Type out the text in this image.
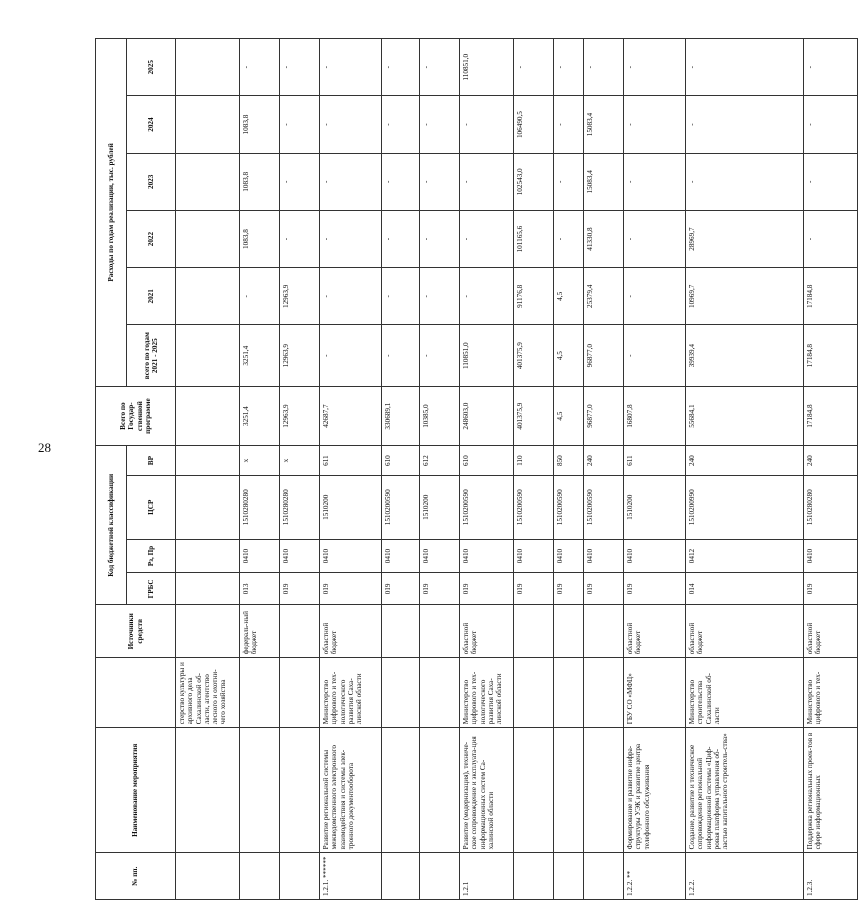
28
№ пп.	Наименование мероприятия		Источники средств	Код бюджетной классификации				Всего по Государ-ственной программе	Расходы по годам реализации, тыс. рублей					
				ГРБС	Рз, Пр	ЦСР	ВР		всего по годам 2021 - 2025	2021	2022	2023	2024	2025
		стерство культуры и архивного дела Сахалинской об-ласти, агентство лесного и охотни-чего хозяйства												
			федераль-ный бюджет	013	0410	1510280280	х	3251,4	3251,4	-	1083,8	1083,8	1083,8	-
				019	0410	1510280280	х	12963,9	12963,9	12963,9	-	-	-	-
1.2.1. ******	Развитие региональной системы межведомственного электронного взаимодействия и системы элек-тронного документооборота	Министерство цифрового и тех-нологического развития Саха-линской области	областной бюджет	019	0410	1510200	611	42687,7	-	-	-	-	-	-
				019	0410	1510200590	610	330689,1	-	-	-	-	-	-
				019	0410	1510200	612	10385,0	-	-	-	-	-	-
1.2.1	Развитие (модернизация), техниче-ское сопровождение и эксплуата-ция информационных систем Са-халинской области	Министерство цифрового и тех-нологического развития Саха-линской области	областной бюджет	019	0410	1510200590	610	248603,0	110851,0	-	-	-	-	110851,0
				019	0410	1510200590	110	401375,9	401375,9	91176,8	101165,6	102543,0	106490,5	-
				019	0410	1510200590	850	4,5	4,5	4,5	-	-	-	-
				019	0410	1510200590	240	96877,0	96877,0	25379,4	41330,8	15083,4	15083,4	-
1.2.2. **	Формирование и развитие инфра-структуры УЭК и развитие центра телефонного обслуживания	ГБУ СО «МФЦ»	областной бюджет	019	0410	1510200	611	16807,8	-	-	-	-	-	-
1.2.2.	Создание, развитие и техническое сопровождение региональной информационной системы «Циф-ровая платформа управления об-ластью капитального строитель-ства»	Министерство строительства Сахалинской об-ласти	областной бюджет	014	0412	1510200990	240	55684,1	39939,4	10969,7	28969,7	-	-	-
1.2.3.	Поддержка региональных проек-тов в сфере информационных	Министерство цифрового и тех-	областной бюджет	019	0410	1510280280	240	17184,8	17184,8	17184,8	-	-	-	-
